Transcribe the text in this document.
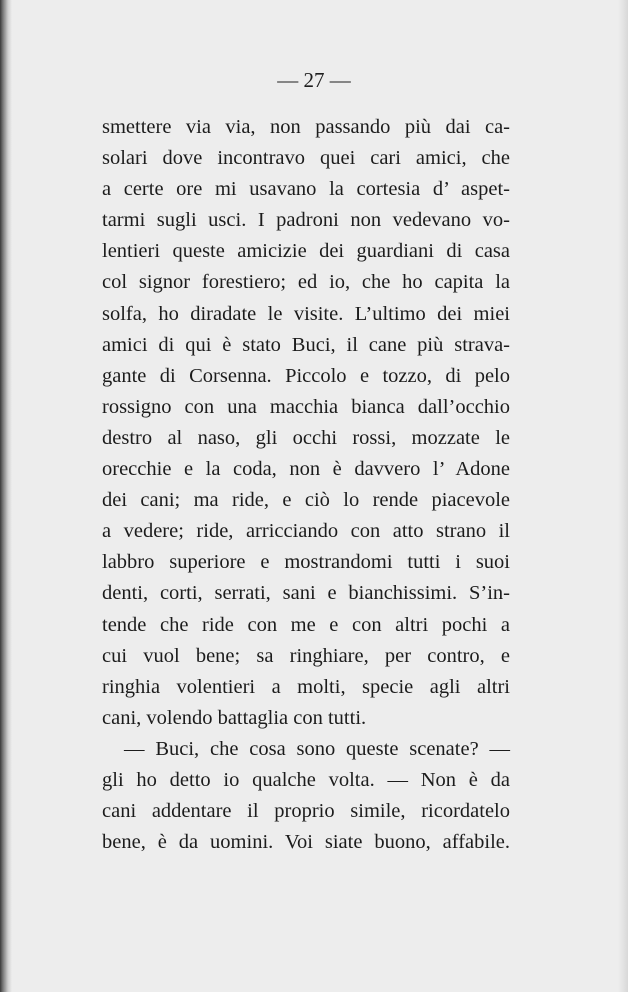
— 27 —
smettere via via, non passando più dai ca-
solari dove incontravo quei cari amici, che
a certe ore mi usavano la cortesia d’ aspet-
tarmi sugli usci. I padroni non vedevano vo-
lentieri queste amicizie dei guardiani di casa
col signor forestiero; ed io, che ho capita la
solfa, ho diradate le visite. L’ultimo dei miei
amici di qui è stato Buci, il cane più strava-
gante di Corsenna. Piccolo e tozzo, di pelo
rossigno con una macchia bianca dall’occhio
destro al naso, gli occhi rossi, mozzate le
orecchie e la coda, non è davvero l’ Adone
dei cani; ma ride, e ciò lo rende piacevole
a vedere; ride, arricciando con atto strano il
labbro superiore e mostrandomi tutti i suoi
denti, corti, serrati, sani e bianchissimi. S’in-
tende che ride con me e con altri pochi a
cui vuol bene; sa ringhiare, per contro, e
ringhia volentieri a molti, specie agli altri
cani, volendo battaglia con tutti.
— Buci, che cosa sono queste scenate? —
gli ho detto io qualche volta. — Non è da
cani addentare il proprio simile, ricordatelo
bene, è da uomini. Voi siate buono, affabile.
